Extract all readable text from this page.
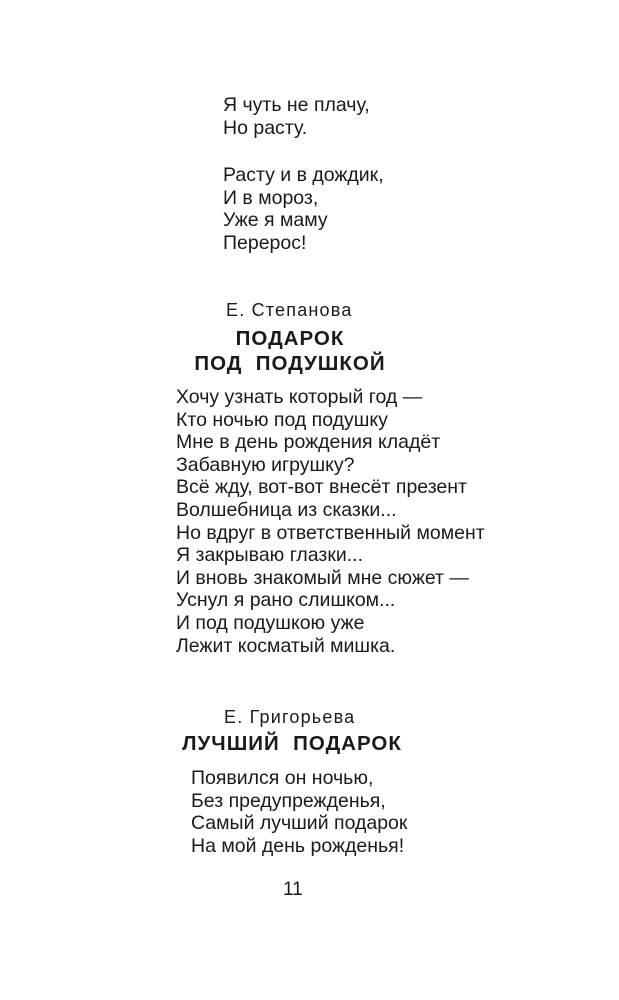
Я чуть не плачу,
Но расту.
Расту и в дождик,
И в мороз,
Уже я маму
Перерос!
Е. Степанова
ПОДАРОК
ПОД  ПОДУШКОЙ
Хочу узнать который год —
Кто ночью под подушку
Мне в день рождения кладёт
Забавную игрушку?
Всё жду, вот-вот внесёт презент
Волшебница из сказки...
Но вдруг в ответственный момент
Я закрываю глазки...
И вновь знакомый мне сюжет —
Уснул я рано слишком...
И под подушкою уже
Лежит косматый мишка.
Е. Григорьева
ЛУЧШИЙ  ПОДАРОК
Появился он ночью,
Без предупрежденья,
Самый лучший подарок
На мой день рожденья!
11
